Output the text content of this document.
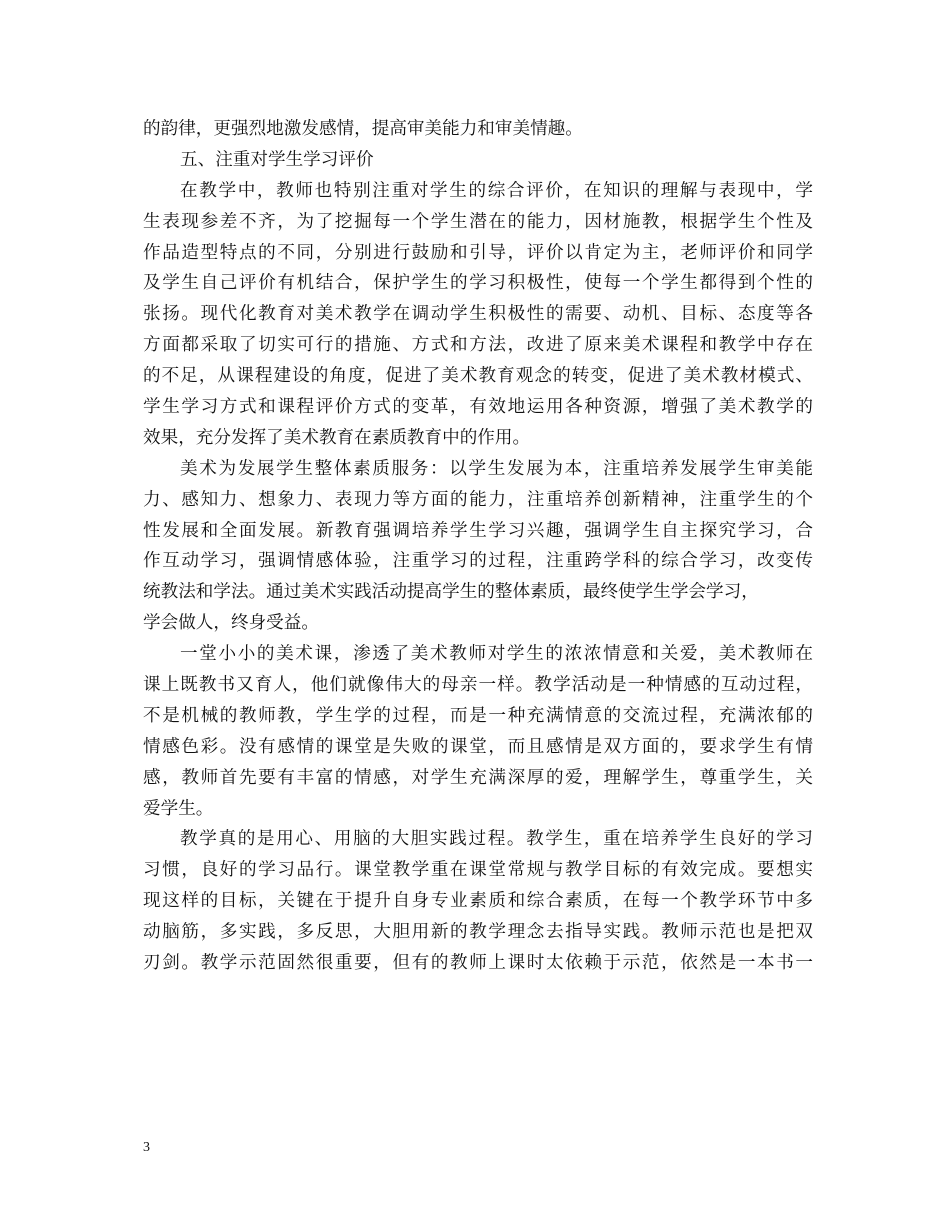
的韵律，更强烈地激发感情，提高审美能力和审美情趣。
五、注重对学生学习评价
在教学中，教师也特别注重对学生的综合评价，在知识的理解与表现中，学
生表现参差不齐，为了挖掘每一个学生潜在的能力，因材施教，根据学生个性及
作品造型特点的不同，分别进行鼓励和引导，评价以肯定为主，老师评价和同学
及学生自己评价有机结合，保护学生的学习积极性，使每一个学生都得到个性的
张扬。现代化教育对美术教学在调动学生积极性的需要、动机、目标、态度等各
方面都采取了切实可行的措施、方式和方法，改进了原来美术课程和教学中存在
的不足，从课程建设的角度，促进了美术教育观念的转变，促进了美术教材模式、
学生学习方式和课程评价方式的变革，有效地运用各种资源，增强了美术教学的
效果，充分发挥了美术教育在素质教育中的作用。
美术为发展学生整体素质服务：以学生发展为本，注重培养发展学生审美能
力、感知力、想象力、表现力等方面的能力，注重培养创新精神，注重学生的个
性发展和全面发展。新教育强调培养学生学习兴趣，强调学生自主探究学习，合
作互动学习，强调情感体验，注重学习的过程，注重跨学科的综合学习，改变传
统教法和学法。通过美术实践活动提高学生的整体素质，最终使学生学会学习，
学会做人，终身受益。
一堂小小的美术课，渗透了美术教师对学生的浓浓情意和关爱，美术教师在
课上既教书又育人，他们就像伟大的母亲一样。教学活动是一种情感的互动过程，
不是机械的教师教，学生学的过程，而是一种充满情意的交流过程，充满浓郁的
情感色彩。没有感情的课堂是失败的课堂，而且感情是双方面的，要求学生有情
感，教师首先要有丰富的情感，对学生充满深厚的爱，理解学生，尊重学生，关
爱学生。
教学真的是用心、用脑的大胆实践过程。教学生，重在培养学生良好的学习
习惯，良好的学习品行。课堂教学重在课堂常规与教学目标的有效完成。要想实
现这样的目标，关键在于提升自身专业素质和综合素质，在每一个教学环节中多
动脑筋，多实践，多反思，大胆用新的教学理念去指导实践。教师示范也是把双
刃剑。教学示范固然很重要，但有的教师上课时太依赖于示范，依然是一本书一
3
